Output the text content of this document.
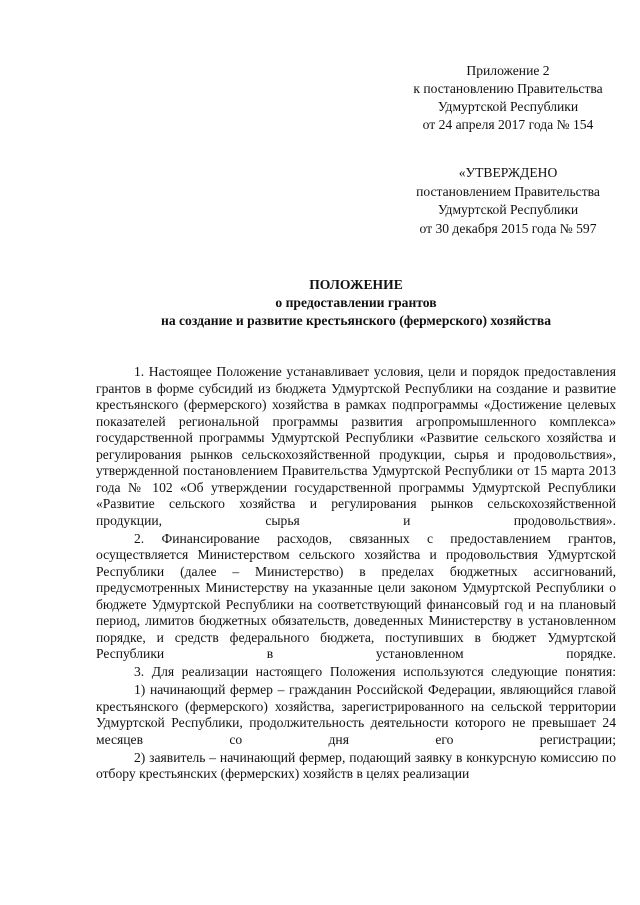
Приложение 2
к постановлению Правительства
Удмуртской Республики
от 24 апреля 2017 года № 154
«УТВЕРЖДЕНО
постановлением Правительства
Удмуртской Республики
от 30 декабря 2015 года № 597
ПОЛОЖЕНИЕ
о предоставлении грантов
на создание и развитие крестьянского (фермерского) хозяйства

1. Настоящее Положение устанавливает условия, цели и порядок предоставления грантов в форме субсидий из бюджета Удмуртской Республики на создание и развитие крестьянского (фермерского) хозяйства в рамках подпрограммы «Достижение целевых показателей региональной программы развития агропромышленного комплекса» государственной программы Удмуртской Республики «Развитие сельского хозяйства и регулирования рынков сельскохозяйственной продукции, сырья и продовольствия», утвержденной постановлением Правительства Удмуртской Республики от 15 марта 2013 года № 102 «Об утверждении государственной программы Удмуртской Республики «Развитие сельского хозяйства и регулирования рынков сельскохозяйственной продукции, сырья и продовольствия».

2. Финансирование расходов, связанных с предоставлением грантов, осуществляется Министерством сельского хозяйства и продовольствия Удмуртской Республики (далее – Министерство) в пределах бюджетных ассигнований, предусмотренных Министерству на указанные цели законом Удмуртской Республики о бюджете Удмуртской Республики на соответствующий финансовый год и на плановый период, лимитов бюджетных обязательств, доведенных Министерству в установленном порядке, и средств федерального бюджета, поступивших в бюджет Удмуртской Республики в установленном порядке.

3. Для реализации настоящего Положения используются следующие понятия:

1) начинающий фермер – гражданин Российской Федерации, являющийся главой крестьянского (фермерского) хозяйства, зарегистрированного на сельской территории Удмуртской Республики, продолжительность деятельности которого не превышает 24 месяцев со дня его регистрации;

2) заявитель – начинающий фермер, подающий заявку в конкурсную комиссию по отбору крестьянских (фермерских) хозяйств в целях реализации
